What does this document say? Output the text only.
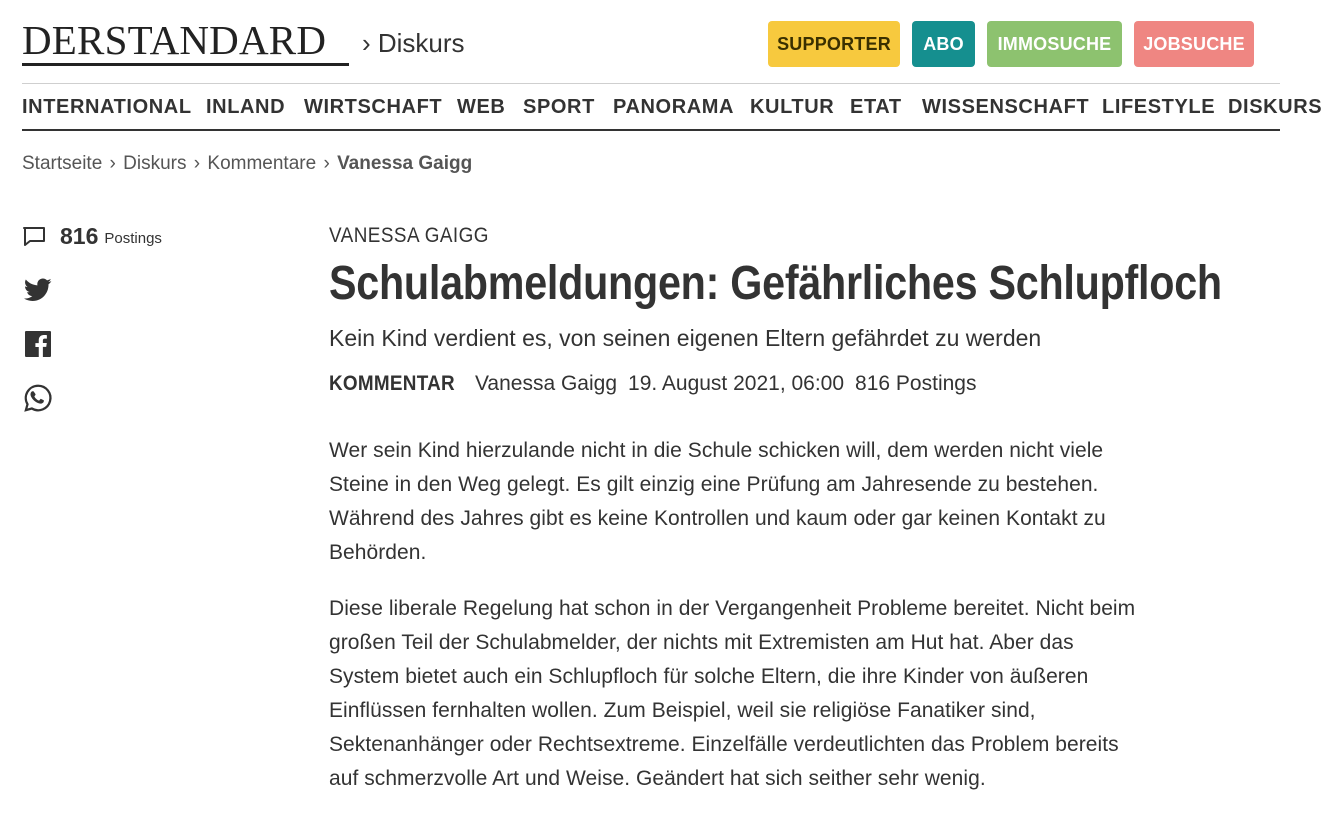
DERSTANDARD › Diskurs	SUPPORTER	ABO	IMMOSUCHE	JOBSUCHE
INTERNATIONAL INLAND WIRTSCHAFT WEB SPORT PANORAMA KULTUR ETAT WISSENSCHAFT LIFESTYLE DISKURS
Startseite › Diskurs › Kommentare › Vanessa Gaigg
816 Postings	VANESSA GAIGG
Schulabmeldungen: Gefährliches Schlupfloch
Kein Kind verdient es, von seinen eigenen Eltern gefährdet zu werden
KOMMENTAR Vanessa Gaigg 19. August 2021, 06:00 816 Postings

Wer sein Kind hierzulande nicht in die Schule schicken will, dem werden nicht viele Steine in den Weg gelegt. Es gilt einzig eine Prüfung am Jahresende zu bestehen. Während des Jahres gibt es keine Kontrollen und kaum oder gar keinen Kontakt zu Behörden.

Diese liberale Regelung hat schon in der Vergangenheit Probleme bereitet. Nicht beim großen Teil der Schulabmelder, der nichts mit Extremisten am Hut hat. Aber das System bietet auch ein Schlupfloch für solche Eltern, die ihre Kinder von äußeren Einflüssen fernhalten wollen. Zum Beispiel, weil sie religiöse Fanatiker sind, Sektenanhänger oder Rechtsextreme. Einzelfälle verdeutlichten das Problem bereits auf schmerzvolle Art und Weise. Geändert hat sich seither sehr wenig.
